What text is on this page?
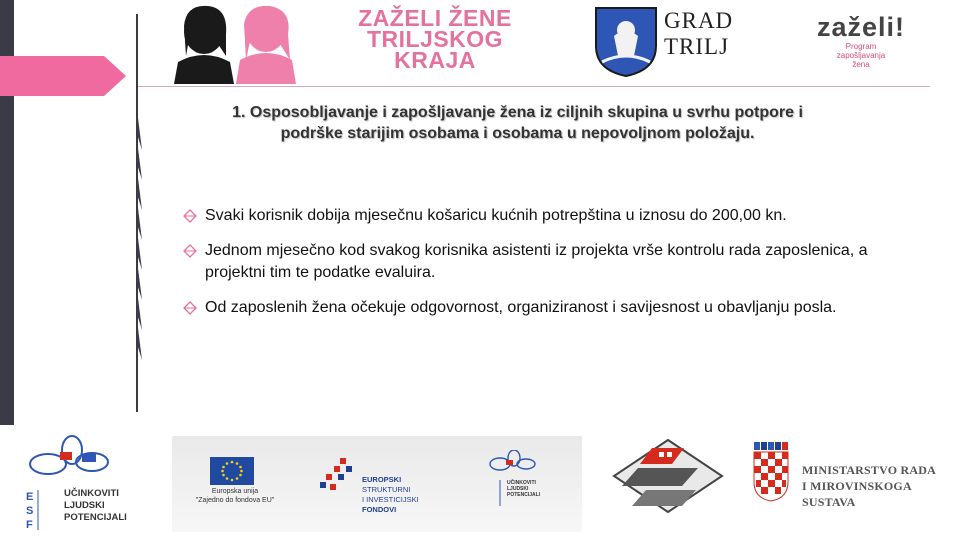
ZAŽELI ŽENE
TRILJSKOG
KRAJA
GRAD
TRILJ
zaželi!
Program
zapošljavanja
žena
1. Osposobljavanje i zapošljavanje žena iz ciljnih skupina u svrhu potpore i
podrške starijim osobama i osobama u nepovoljnom položaju.
Svaki korisnik dobija mjesečnu košaricu kućnih potrepština u iznosu do 200,00 kn.
Jednom mjesečno kod svakog korisnika asistenti iz projekta vrše kontrolu rada zaposlenica, a projektni tim te podatke evaluira.
Od zaposlenih žena očekuje odgovornost, organiziranost i savijesnost u obavljanju posla.
E
S
F
UČINKOVITI
LJUDSKI
POTENCIJALI
Europska unija
"Zajedno do fondova EU"
EUROPSKI
STRUKTURNI
I INVESTICIJSKI
FONDOVI
UČINKOVITI
LJUDSKI
POTENCIJALI
MINISTARSTVO RADA
I MIROVINSKOGA SUSTAVA
